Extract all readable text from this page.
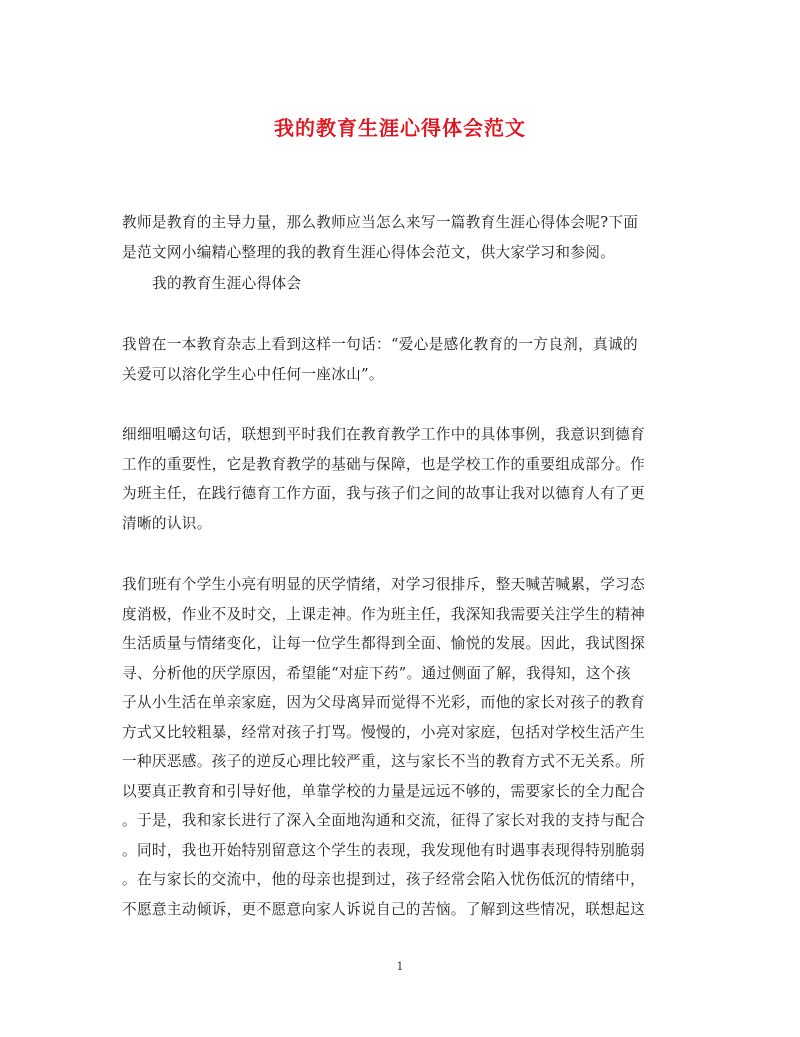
我的教育生涯心得体会范文

教师是教育的主导力量，那么教师应当怎么来写一篇教育生涯心得体会呢?下面
是范文网小编精心整理的我的教育生涯心得体会范文，供大家学习和参阅。

我的教育生涯心得体会

我曾在一本教育杂志上看到这样一句话：“爱心是感化教育的一方良剂，真诚的
关爱可以溶化学生心中任何一座冰山”。

细细咀嚼这句话，联想到平时我们在教育教学工作中的具体事例，我意识到德育
工作的重要性，它是教育教学的基础与保障，也是学校工作的重要组成部分。作
为班主任，在践行德育工作方面，我与孩子们之间的故事让我对以德育人有了更
清晰的认识。

我们班有个学生小亮有明显的厌学情绪，对学习很排斥，整天喊苦喊累，学习态
度消极，作业不及时交，上课走神。作为班主任，我深知我需要关注学生的精神
生活质量与情绪变化，让每一位学生都得到全面、愉悦的发展。因此，我试图探
寻、分析他的厌学原因，希望能“对症下药”。通过侧面了解，我得知，这个孩
子从小生活在单亲家庭，因为父母离异而觉得不光彩，而他的家长对孩子的教育
方式又比较粗暴，经常对孩子打骂。慢慢的，小亮对家庭，包括对学校生活产生
一种厌恶感。孩子的逆反心理比较严重，这与家长不当的教育方式不无关系。所
以要真正教育和引导好他，单靠学校的力量是远远不够的，需要家长的全力配合
。于是，我和家长进行了深入全面地沟通和交流，征得了家长对我的支持与配合
。同时，我也开始特别留意这个学生的表现，我发现他有时遇事表现得特别脆弱
。在与家长的交流中，他的母亲也提到过，孩子经常会陷入忧伤低沉的情绪中，
不愿意主动倾诉，更不愿意向家人诉说自己的苦恼。了解到这些情况，联想起这

1
